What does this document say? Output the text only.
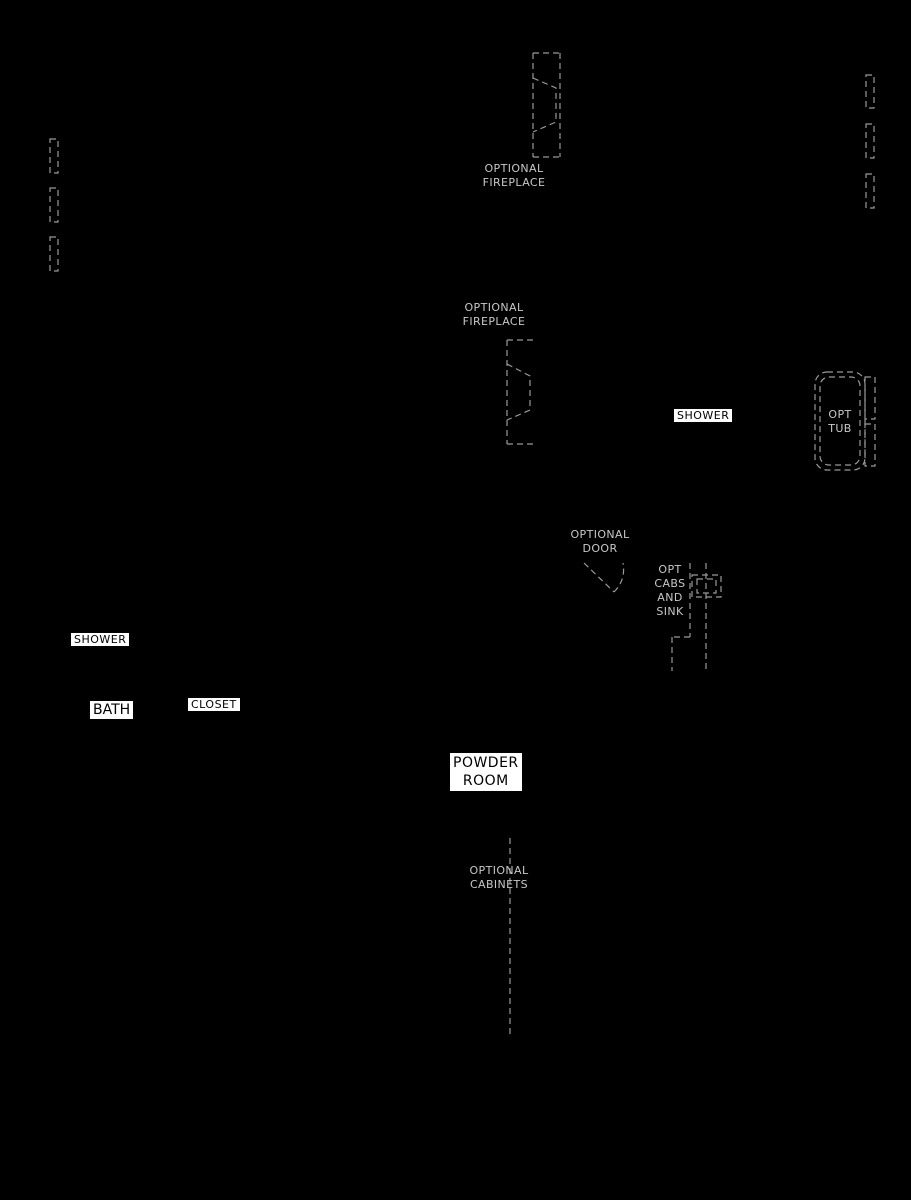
OPTIONAL
FIREPLACE
OPTIONAL
FIREPLACE
SHOWER	OPT
TUB
OPTIONAL
DOOR
OPT
CABS
AND
SINK
SHOWER
BATH	CLOSET
POWDER
ROOM
OPTIONAL
CABINETS
